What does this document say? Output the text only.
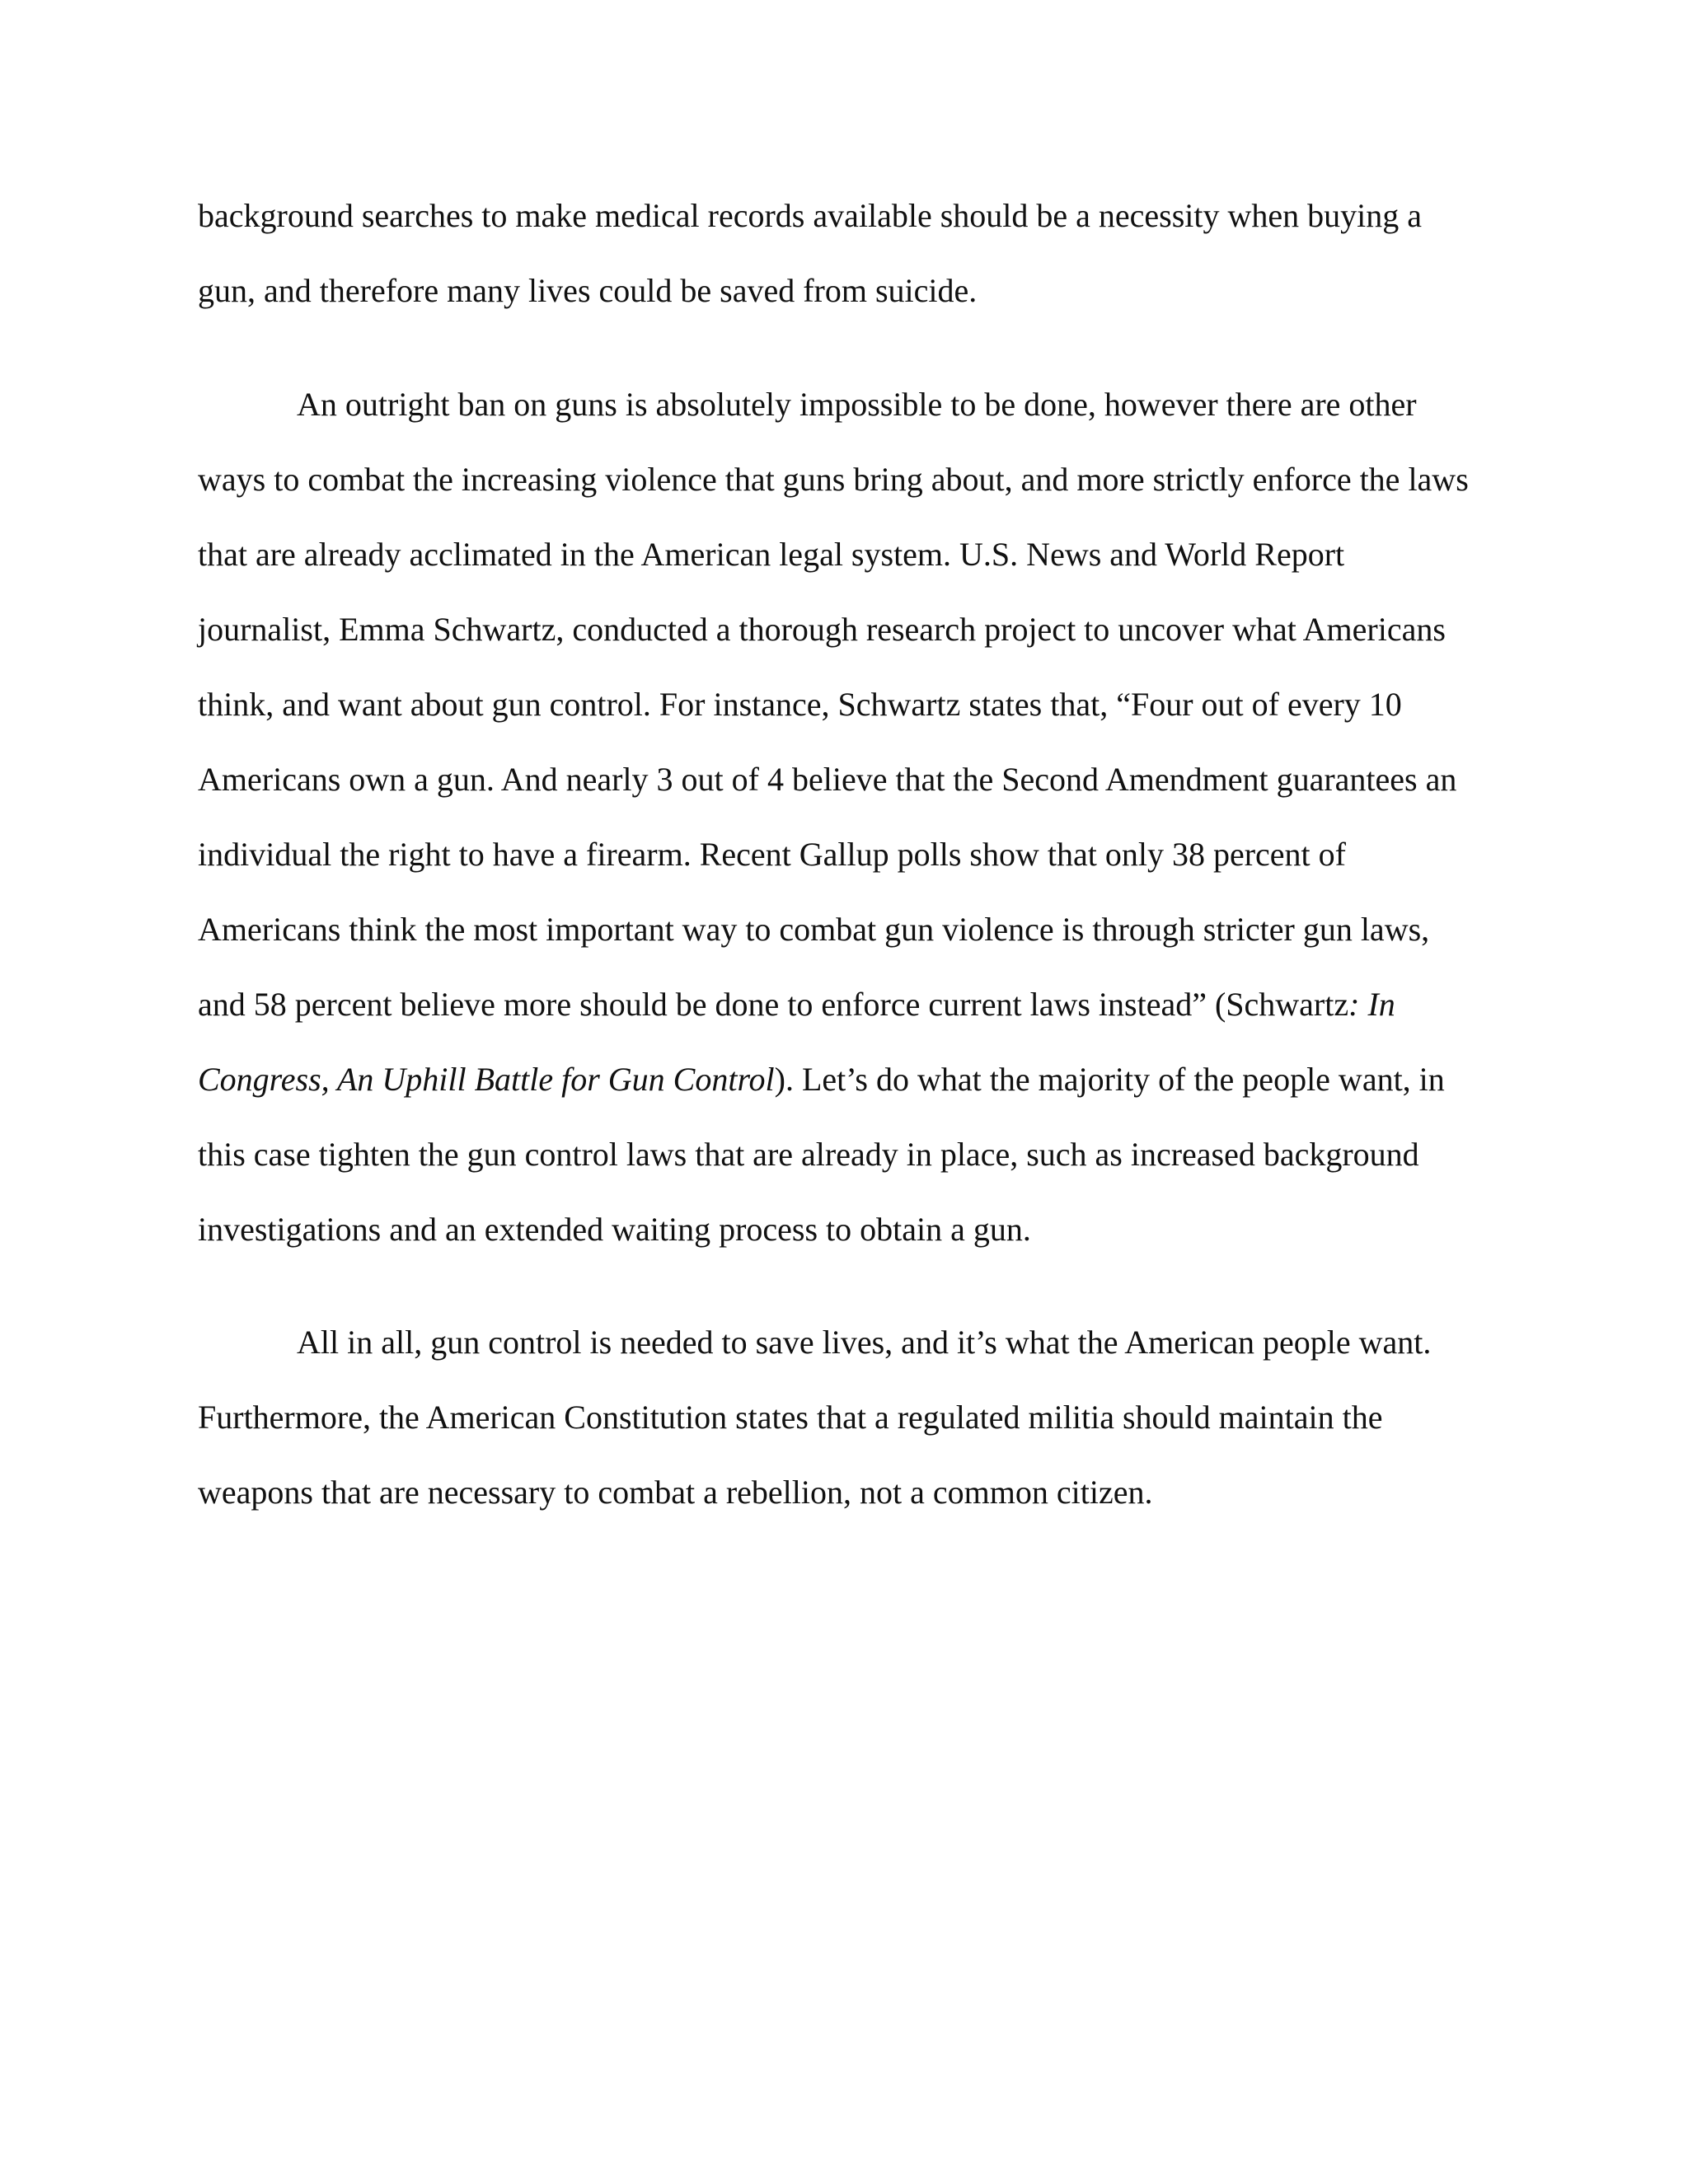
background searches to make medical records available should be a necessity when buying a

gun, and therefore many lives could be saved from suicide.

An outright ban on guns is absolutely impossible to be done, however there are other

ways to combat the increasing violence that guns bring about, and more strictly enforce the laws

that are already acclimated in the American legal system. U.S. News and World Report

journalist, Emma Schwartz, conducted a thorough research project to uncover what Americans

think, and want about gun control. For instance, Schwartz states that, “Four out of every 10

Americans own a gun. And nearly 3 out of 4 believe that the Second Amendment guarantees an

individual the right to have a firearm. Recent Gallup polls show that only 38 percent of

Americans think the most important way to combat gun violence is through stricter gun laws,

and 58 percent believe more should be done to enforce current laws instead” (Schwartz: In

Congress, An Uphill Battle for Gun Control). Let’s do what the majority of the people want, in

this case tighten the gun control laws that are already in place, such as increased background

investigations and an extended waiting process to obtain a gun.

All in all, gun control is needed to save lives, and it’s what the American people want.

Furthermore, the American Constitution states that a regulated militia should maintain the

weapons that are necessary to combat a rebellion, not a common citizen.
